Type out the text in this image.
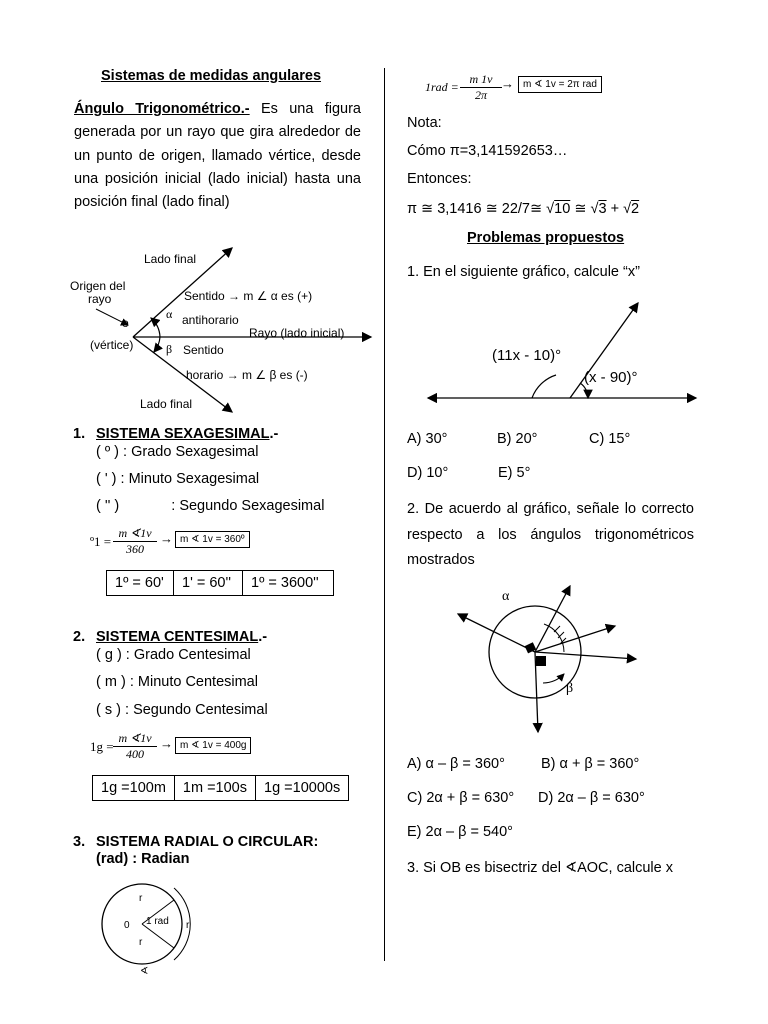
Sistemas de medidas angulares
Ángulo Trigonométrico.- Es una figura generada por un rayo que gira alrededor de un punto de origen, llamado vértice, desde una posición inicial (lado inicial) hasta una posición final (lado final)
Lado final
Origen del
rayo
o
(vértice)
Sentido → m ∠ α es (+)
α antihorario
Rayo (lado inicial)
β Sentido
horario → m ∠ β es (-)
Lado final
1. SISTEMA SEXAGESIMAL.-
( º ) : Grado Sexagesimal
( ' ) : Minuto Sexagesimal
( '' )	: Segundo Sexagesimal
º1 = $\frac{m ∢1v}{360} \to m$ ∢ 1v = 360º
1º = 60'	1' = 60''	1º = 3600''
2. SISTEMA CENTESIMAL.-
( g ) : Grado Centesimal
( m ) : Minuto Centesimal
( s ) : Segundo Centesimal
$1g = \frac{m ∢1v}{400} \to m$ ∢ 1v = 400g
1g =100m	1m =100s	1g =10000s
3. SISTEMA RADIAL O CIRCULAR:
(rad) : Radian
r
r
r
0 1 rad
∢
$1rad = \frac{m 1v}{2\pi} \to m$ ∢ 1v = 2π rad
Nota:
Cómo π=3,141592653…
Entonces:
π ≅ 3,1416 ≅ 22/7≅ √10 ≅ √3 + √2
Problemas propuestos
1. En el siguiente gráfico, calcule “x”
(11x - 10)°
(x - 90)°
A) 30°	B) 20°	C) 15°
D) 10°	E) 5°
2. De acuerdo al gráfico, señale lo correcto respecto a los ángulos trigonométricos mostrados
α
β
A) α – β = 360° B) α + β = 360°
C) 2α + β = 630° D) 2α – β = 630°
E) 2α – β = 540°
3. Si OB es bisectriz del ∢AOC, calcule x
